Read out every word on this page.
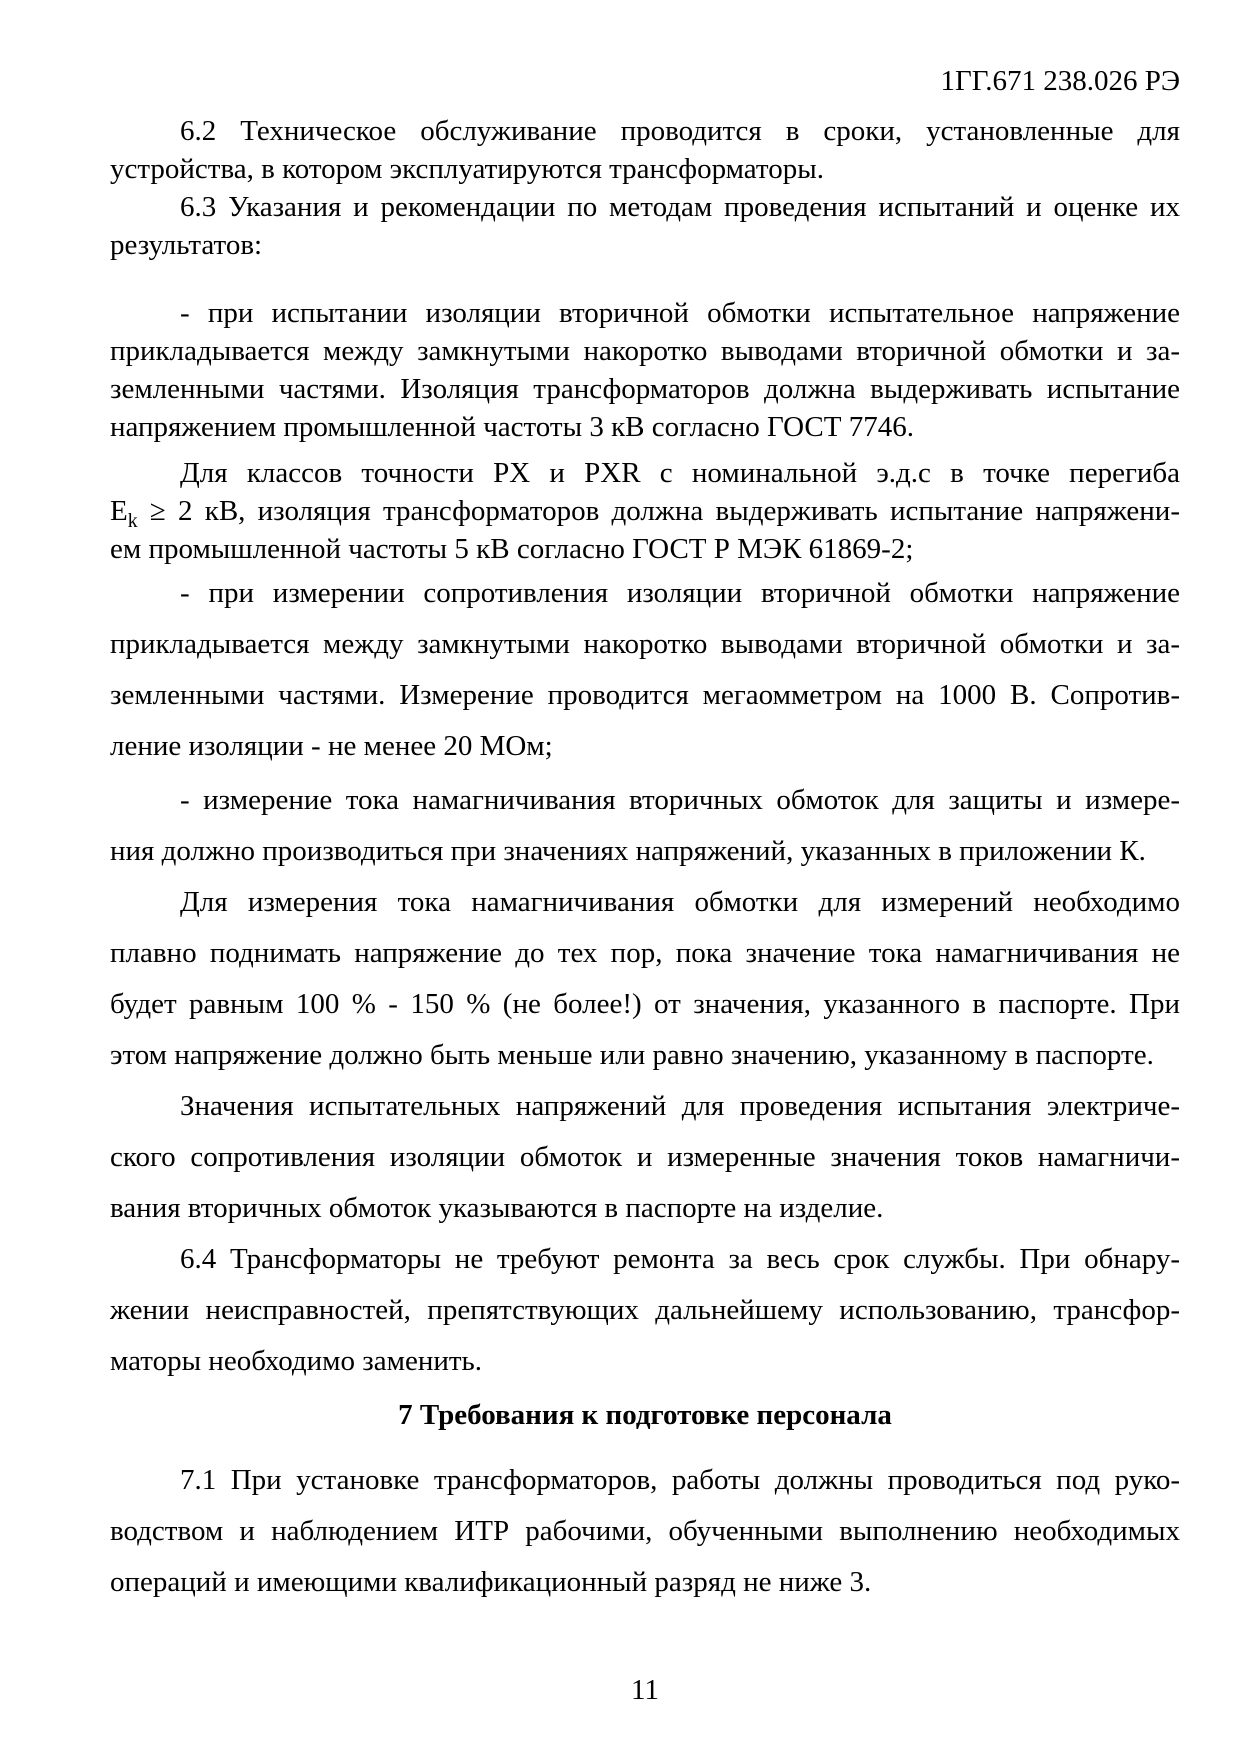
1ГГ.671 238.026 РЭ
6.2 Техническое обслуживание проводится в сроки, установленные для
устройства, в котором эксплуатируются трансформаторы.
6.3 Указания и рекомендации по методам проведения испытаний и оценке их
результатов:
- при испытании изоляции вторичной обмотки испытательное напряжение
прикладывается между замкнутыми накоротко выводами вторичной обмотки и за-
земленными частями. Изоляция трансформаторов должна выдерживать испытание
напряжением промышленной частоты 3 кВ согласно ГОСТ 7746.
Для классов точности PX и PXR с номинальной э.д.с в точке перегиба
$E_k \ge 2$ кВ, изоляция трансформаторов должна выдерживать испытание напряжени-
ем промышленной частоты 5 кВ согласно ГОСТ Р МЭК 61869-2;
- при измерении сопротивления изоляции вторичной обмотки напряжение
прикладывается между замкнутыми накоротко выводами вторичной обмотки и за-
земленными частями. Измерение проводится мегаомметром на 1000 В. Сопротив-
ление изоляции - не менее 20 МОм;
- измерение тока намагничивания вторичных обмоток для защиты и измере-
ния должно производиться при значениях напряжений, указанных в приложении К.
Для измерения тока намагничивания обмотки для измерений необходимо
плавно поднимать напряжение до тех пор, пока значение тока намагничивания не
будет равным 100 % - 150 % (не более!) от значения, указанного в паспорте. При
этом напряжение должно быть меньше или равно значению, указанному в паспорте.
Значения испытательных напряжений для проведения испытания электриче-
ского сопротивления изоляции обмоток и измеренные значения токов намагничи-
вания вторичных обмоток указываются в паспорте на изделие.
6.4 Трансформаторы не требуют ремонта за весь срок службы. При обнару-
жении неисправностей, препятствующих дальнейшему использованию, трансфор-
маторы необходимо заменить.
7 Требования к подготовке персонала
7.1 При установке трансформаторов, работы должны проводиться под руко-
водством и наблюдением ИТР рабочими, обученными выполнению необходимых
операций и имеющими квалификационный разряд не ниже 3.
11
